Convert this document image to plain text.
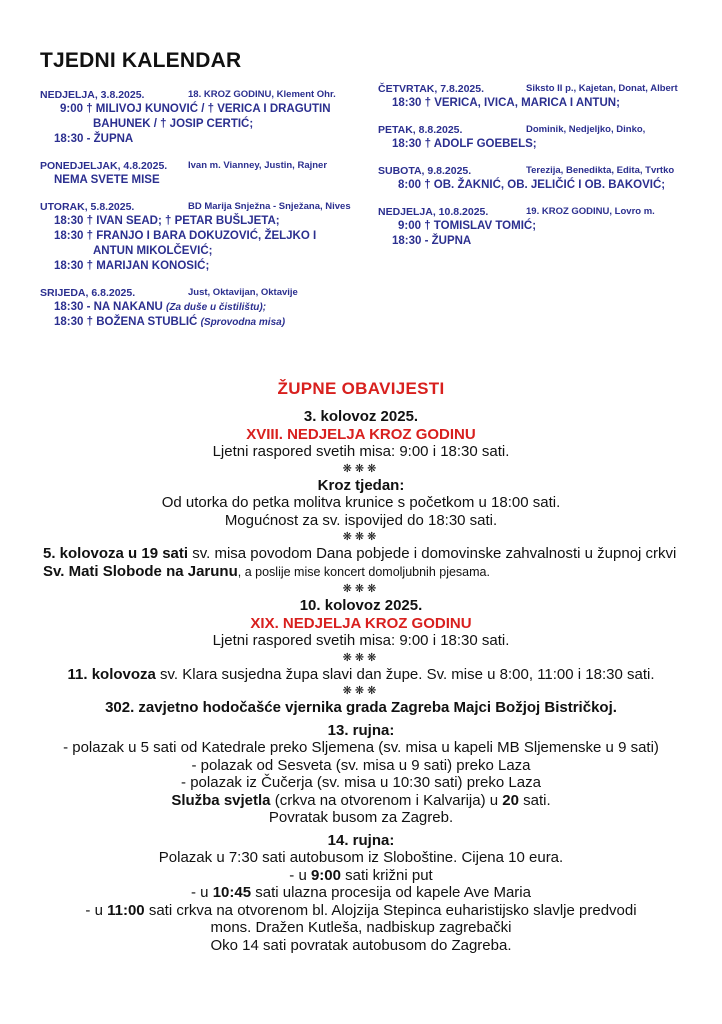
TJEDNI KALENDAR
NEDJELJA, 3.8.2025.	18. KROZ GODINU, Klement Ohr.
9:00 † MILIVOJ KUNOVIĆ / † VERICA I DRAGUTIN
BAHUNEK / † JOSIP CERTIĆ;
18:30 - ŽUPNA
PONEDJELJAK, 4.8.2025.	Ivan m. Vianney, Justin, Rajner
NEMA SVETE MISE
UTORAK, 5.8.2025.	BD Marija Snježna - Snježana, Nives
18:30 † IVAN SEAD; † PETAR BUŠLJETA;
18:30 † FRANJO I BARA DOKUZOVIĆ, ŽELJKO I
ANTUN MIKOLČEVIĆ;
18:30 † MARIJAN KONOSIĆ;
SRIJEDA, 6.8.2025.	Just, Oktavijan, Oktavije
18:30 - NA NAKANU (Za duše u čistilištu);
18:30 † BOŽENA STUBLIĆ (Sprovodna misa)
ČETVRTAK, 7.8.2025.	Siksto II p., Kajetan, Donat, Albert
18:30 † VERICA, IVICA, MARICA I ANTUN;
PETAK, 8.8.2025.	Dominik, Nedjeljko, Dinko,
18:30 † ADOLF GOEBELS;
SUBOTA, 9.8.2025.	Terezija, Benedikta, Edita, Tvrtko
8:00 † OB. ŽAKNIĆ, OB. JELIČIĆ I OB. BAKOVIĆ;
NEDJELJA, 10.8.2025.	19. KROZ GODINU, Lovro m.
9:00 † TOMISLAV TOMIĆ;
18:30 - ŽUPNA
ŽUPNE OBAVIJESTI

3. kolovoz 2025.

XVIII. NEDJELJA KROZ GODINU

Ljetni raspored svetih misa: 9:00 i 18:30 sati.

❋❋❋

Kroz tjedan:

Od utorka do petka molitva krunice s početkom u 18:00 sati.

Mogućnost za sv. ispovijed do 18:30 sati.

❋❋❋

5. kolovoza u 19 sati sv. misa povodom Dana pobjede i domovinske zahvalnosti u župnoj crkvi Sv. Mati Slobode na Jarunu, a poslije mise koncert domoljubnih pjesama.

❋❋❋

10. kolovoz 2025.

XIX. NEDJELJA KROZ GODINU

Ljetni raspored svetih misa: 9:00 i 18:30 sati.

❋❋❋

11. kolovoza sv. Klara susjedna župa slavi dan župe. Sv. mise u 8:00, 11:00 i 18:30 sati.

❋❋❋

302. zavjetno hodočašće vjernika grada Zagreba Majci Božjoj Bistričkoj.

13. rujna:

- polazak u 5 sati od Katedrale preko Sljemena (sv. misa u kapeli MB Sljemenske u 9 sati)

- polazak od Sesveta (sv. misa u 9 sati) preko Laza

- polazak iz Čučerja (sv. misa u 10:30 sati) preko Laza

Služba svjetla (crkva na otvorenom i Kalvarija) u 20 sati.

Povratak busom za Zagreb.

14. rujna:

Polazak u 7:30 sati autobusom iz Sloboštine. Cijena 10 eura.

- u 9:00 sati križni put

- u 10:45 sati ulazna procesija od kapele Ave Maria

- u 11:00 sati crkva na otvorenom bl. Alojzija Stepinca euharistijsko slavlje predvodi

mons. Dražen Kutleša, nadbiskup zagrebački

Oko 14 sati povratak autobusom do Zagreba.
